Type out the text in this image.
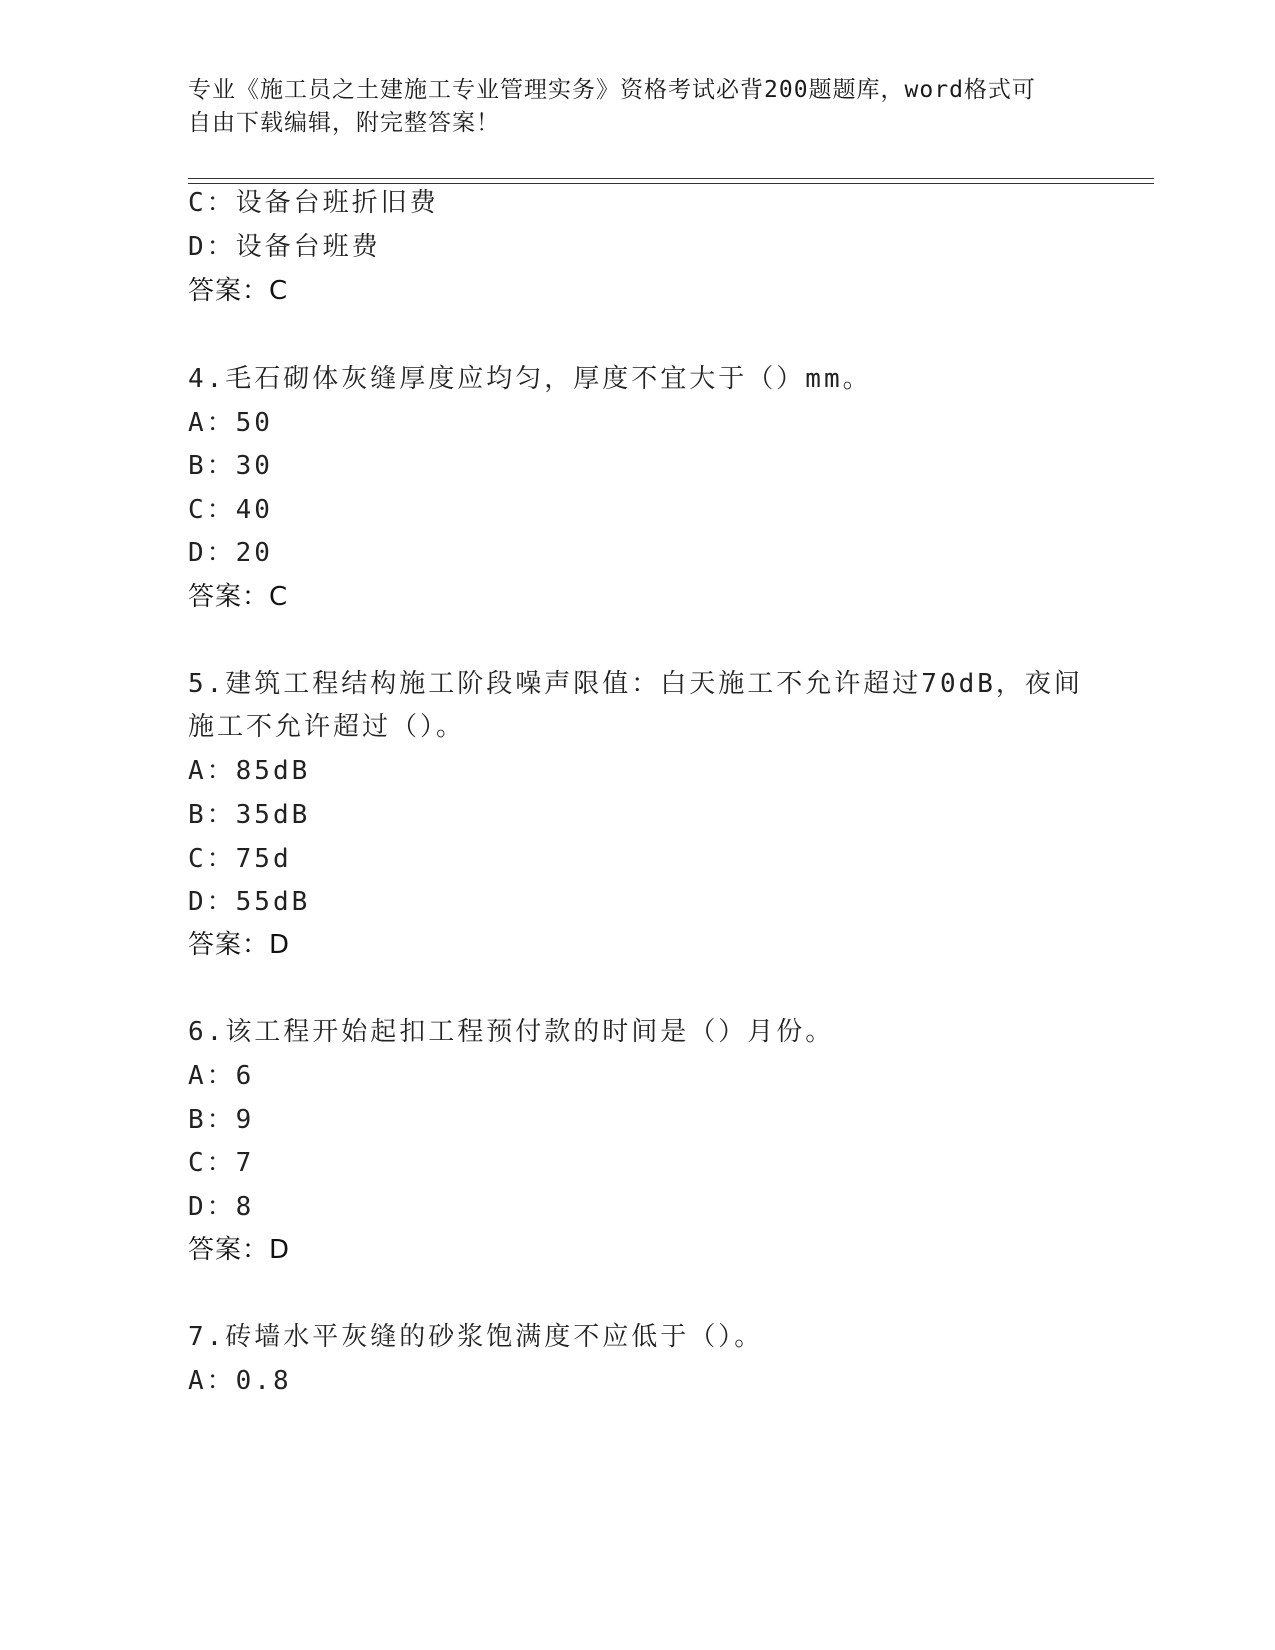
专业《施工员之土建施工专业管理实务》资格考试必背200题题库，word格式可
自由下载编辑，附完整答案！
C：设备台班折旧费
D：设备台班费
答案：C
4.毛石砌体灰缝厚度应均匀，厚度不宜大于（）mm。
A：50
B：30
C：40
D：20
答案：C
5.建筑工程结构施工阶段噪声限值：白天施工不允许超过70dB，夜间
施工不允许超过（）。
A：85dB
B：35dB
C：75d
D：55dB
答案：D
6.该工程开始起扣工程预付款的时间是（）月份。
A：6
B：9
C：7
D：8
答案：D
7.砖墙水平灰缝的砂浆饱满度不应低于（）。
A：0.8
